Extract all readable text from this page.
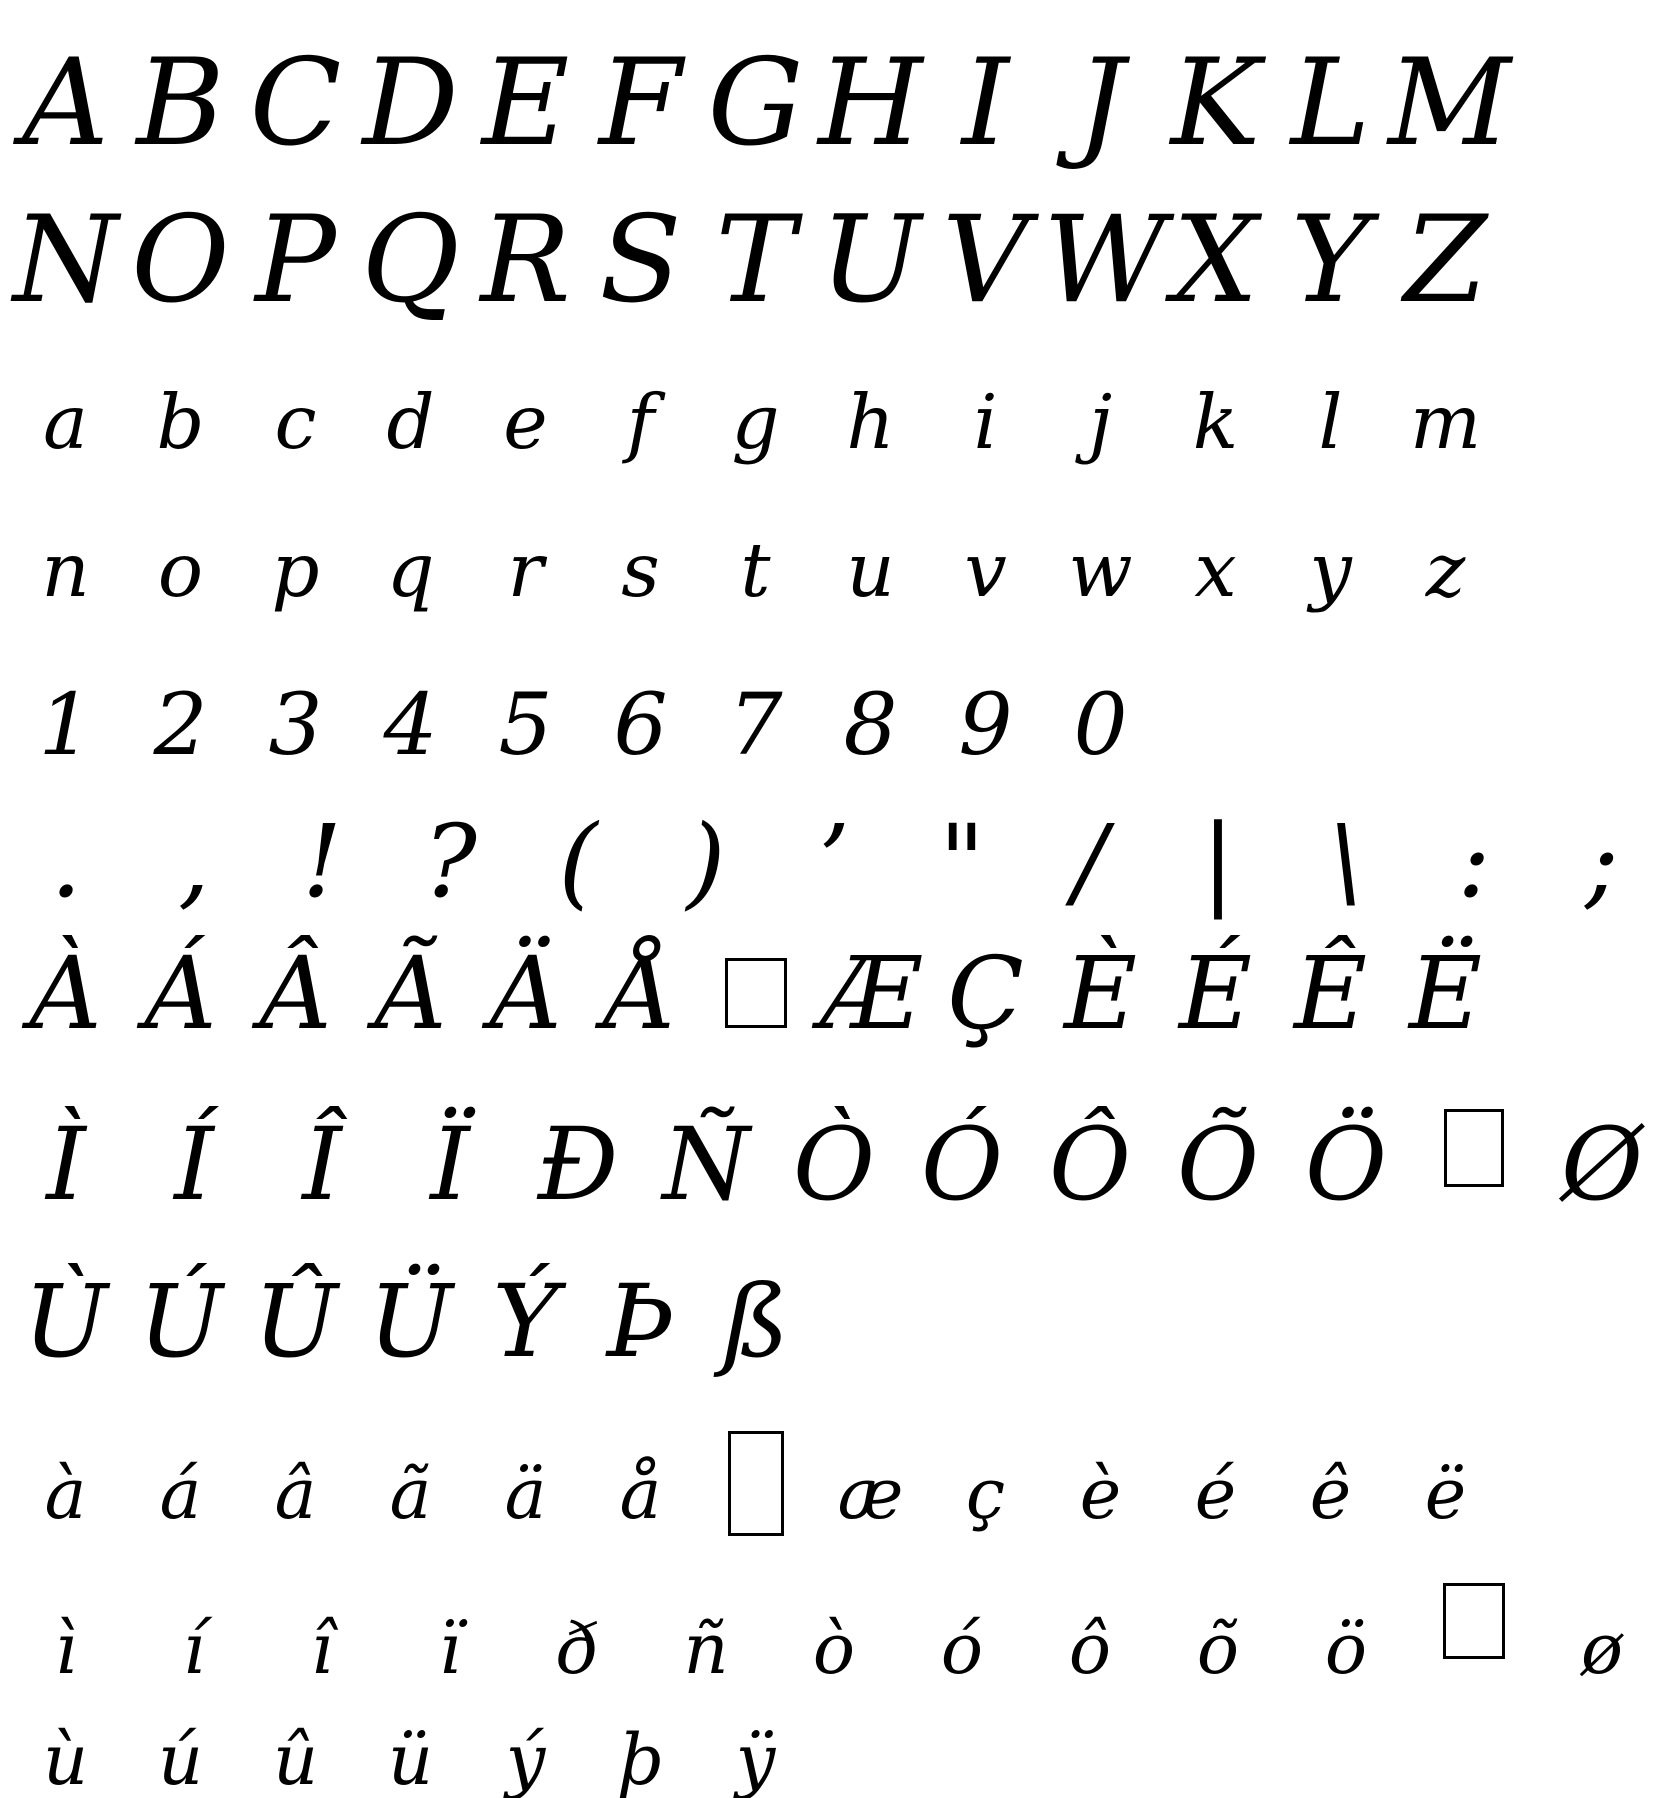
A B C D E F G H I J K L M
N O P Q R S T U V W X Y Z
a b c d e	f	g h	i	j	k	l m
n o p q r	s	t	u v w x y z
1 2 3 4 5 6 7 8 9 0
. , ! ? ( ) ’ " / | \ : ;
À Á Â Ã Ä Å Æ Ç È É Ê Ë
Ì Í Î Ï Ð Ñ Ò Ó Ô Õ Ö Ø
Ù Ú Û Ü Ý Þ ß
à	á	â	ã	ä	å	æ ç	è	é	ê	ë
ì	í	î	ï	ð	ñ	ò	ó	ô	õ	ö	ø
ù ú û ü	ý	þ	ÿ
